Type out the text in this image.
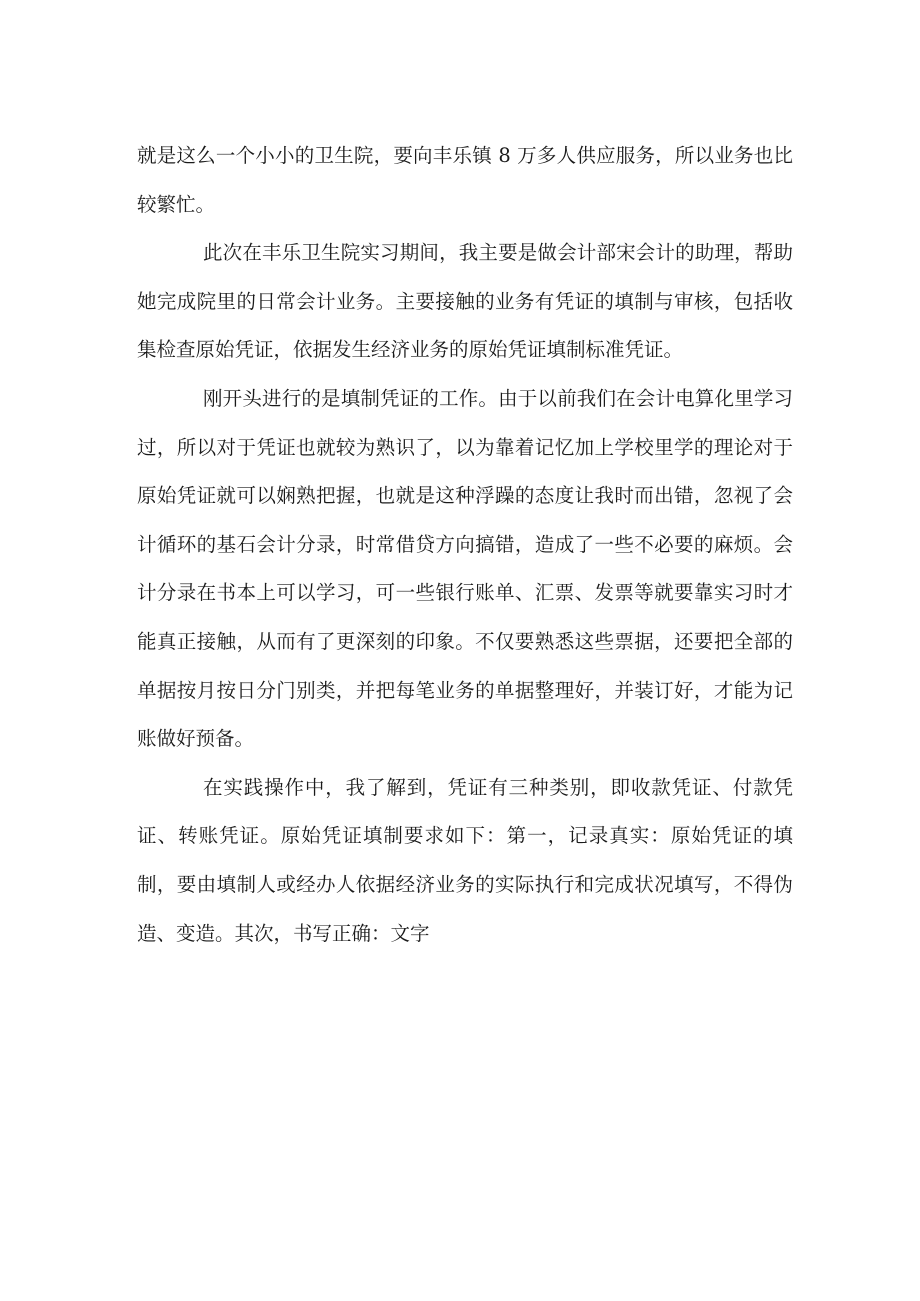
就是这么一个小小的卫生院，要向丰乐镇 8 万多人供应服务，所以业务也比较繁忙。

此次在丰乐卫生院实习期间，我主要是做会计部宋会计的助理，帮助她完成院里的日常会计业务。主要接触的业务有凭证的填制与审核，包括收集检查原始凭证，依据发生经济业务的原始凭证填制标准凭证。

刚开头进行的是填制凭证的工作。由于以前我们在会计电算化里学习过，所以对于凭证也就较为熟识了，以为靠着记忆加上学校里学的理论对于原始凭证就可以娴熟把握，也就是这种浮躁的态度让我时而出错，忽视了会计循环的基石会计分录，时常借贷方向搞错，造成了一些不必要的麻烦。会计分录在书本上可以学习，可一些银行账单、汇票、发票等就要靠实习时才能真正接触，从而有了更深刻的印象。不仅要熟悉这些票据，还要把全部的单据按月按日分门别类，并把每笔业务的单据整理好，并装订好，才能为记账做好预备。

在实践操作中，我了解到，凭证有三种类别，即收款凭证、付款凭证、转账凭证。原始凭证填制要求如下：第一，记录真实：原始凭证的填制，要由填制人或经办人依据经济业务的实际执行和完成状况填写，不得伪造、变造。其次，书写正确：文字
